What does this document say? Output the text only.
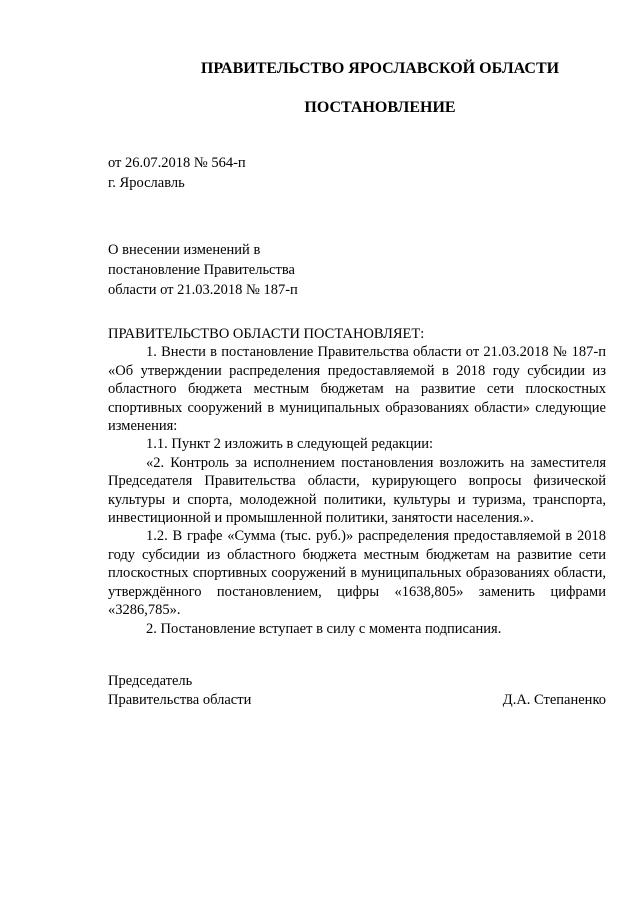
ПРАВИТЕЛЬСТВО ЯРОСЛАВСКОЙ ОБЛАСТИ
ПОСТАНОВЛЕНИЕ
от 26.07.2018 № 564-п
г. Ярославль
О внесении изменений в
постановление Правительства
области от 21.03.2018 № 187-п

ПРАВИТЕЛЬСТВО ОБЛАСТИ ПОСТАНОВЛЯЕТ:

1. Внести в постановление Правительства области от 21.03.2018 № 187-п «Об утверждении распределения предоставляемой в 2018 году субсидии из областного бюджета местным бюджетам на развитие сети плоскостных спортивных сооружений в муниципальных образованиях области» следующие изменения:

1.1. Пункт 2 изложить в следующей редакции:

«2. Контроль за исполнением постановления возложить на заместителя Председателя Правительства области, курирующего вопросы физической культуры и спорта, молодежной политики, культуры и туризма, транспорта, инвестиционной и промышленной политики, занятости населения.».

1.2. В графе «Сумма (тыс. руб.)» распределения предоставляемой в 2018 году субсидии из областного бюджета местным бюджетам на развитие сети плоскостных спортивных сооружений в муниципальных образованиях области, утверждённого постановлением, цифры «1638,805» заменить цифрами «3286,785».

2. Постановление вступает в силу с момента подписания.

Председатель
Правительства области	Д.А. Степаненко
